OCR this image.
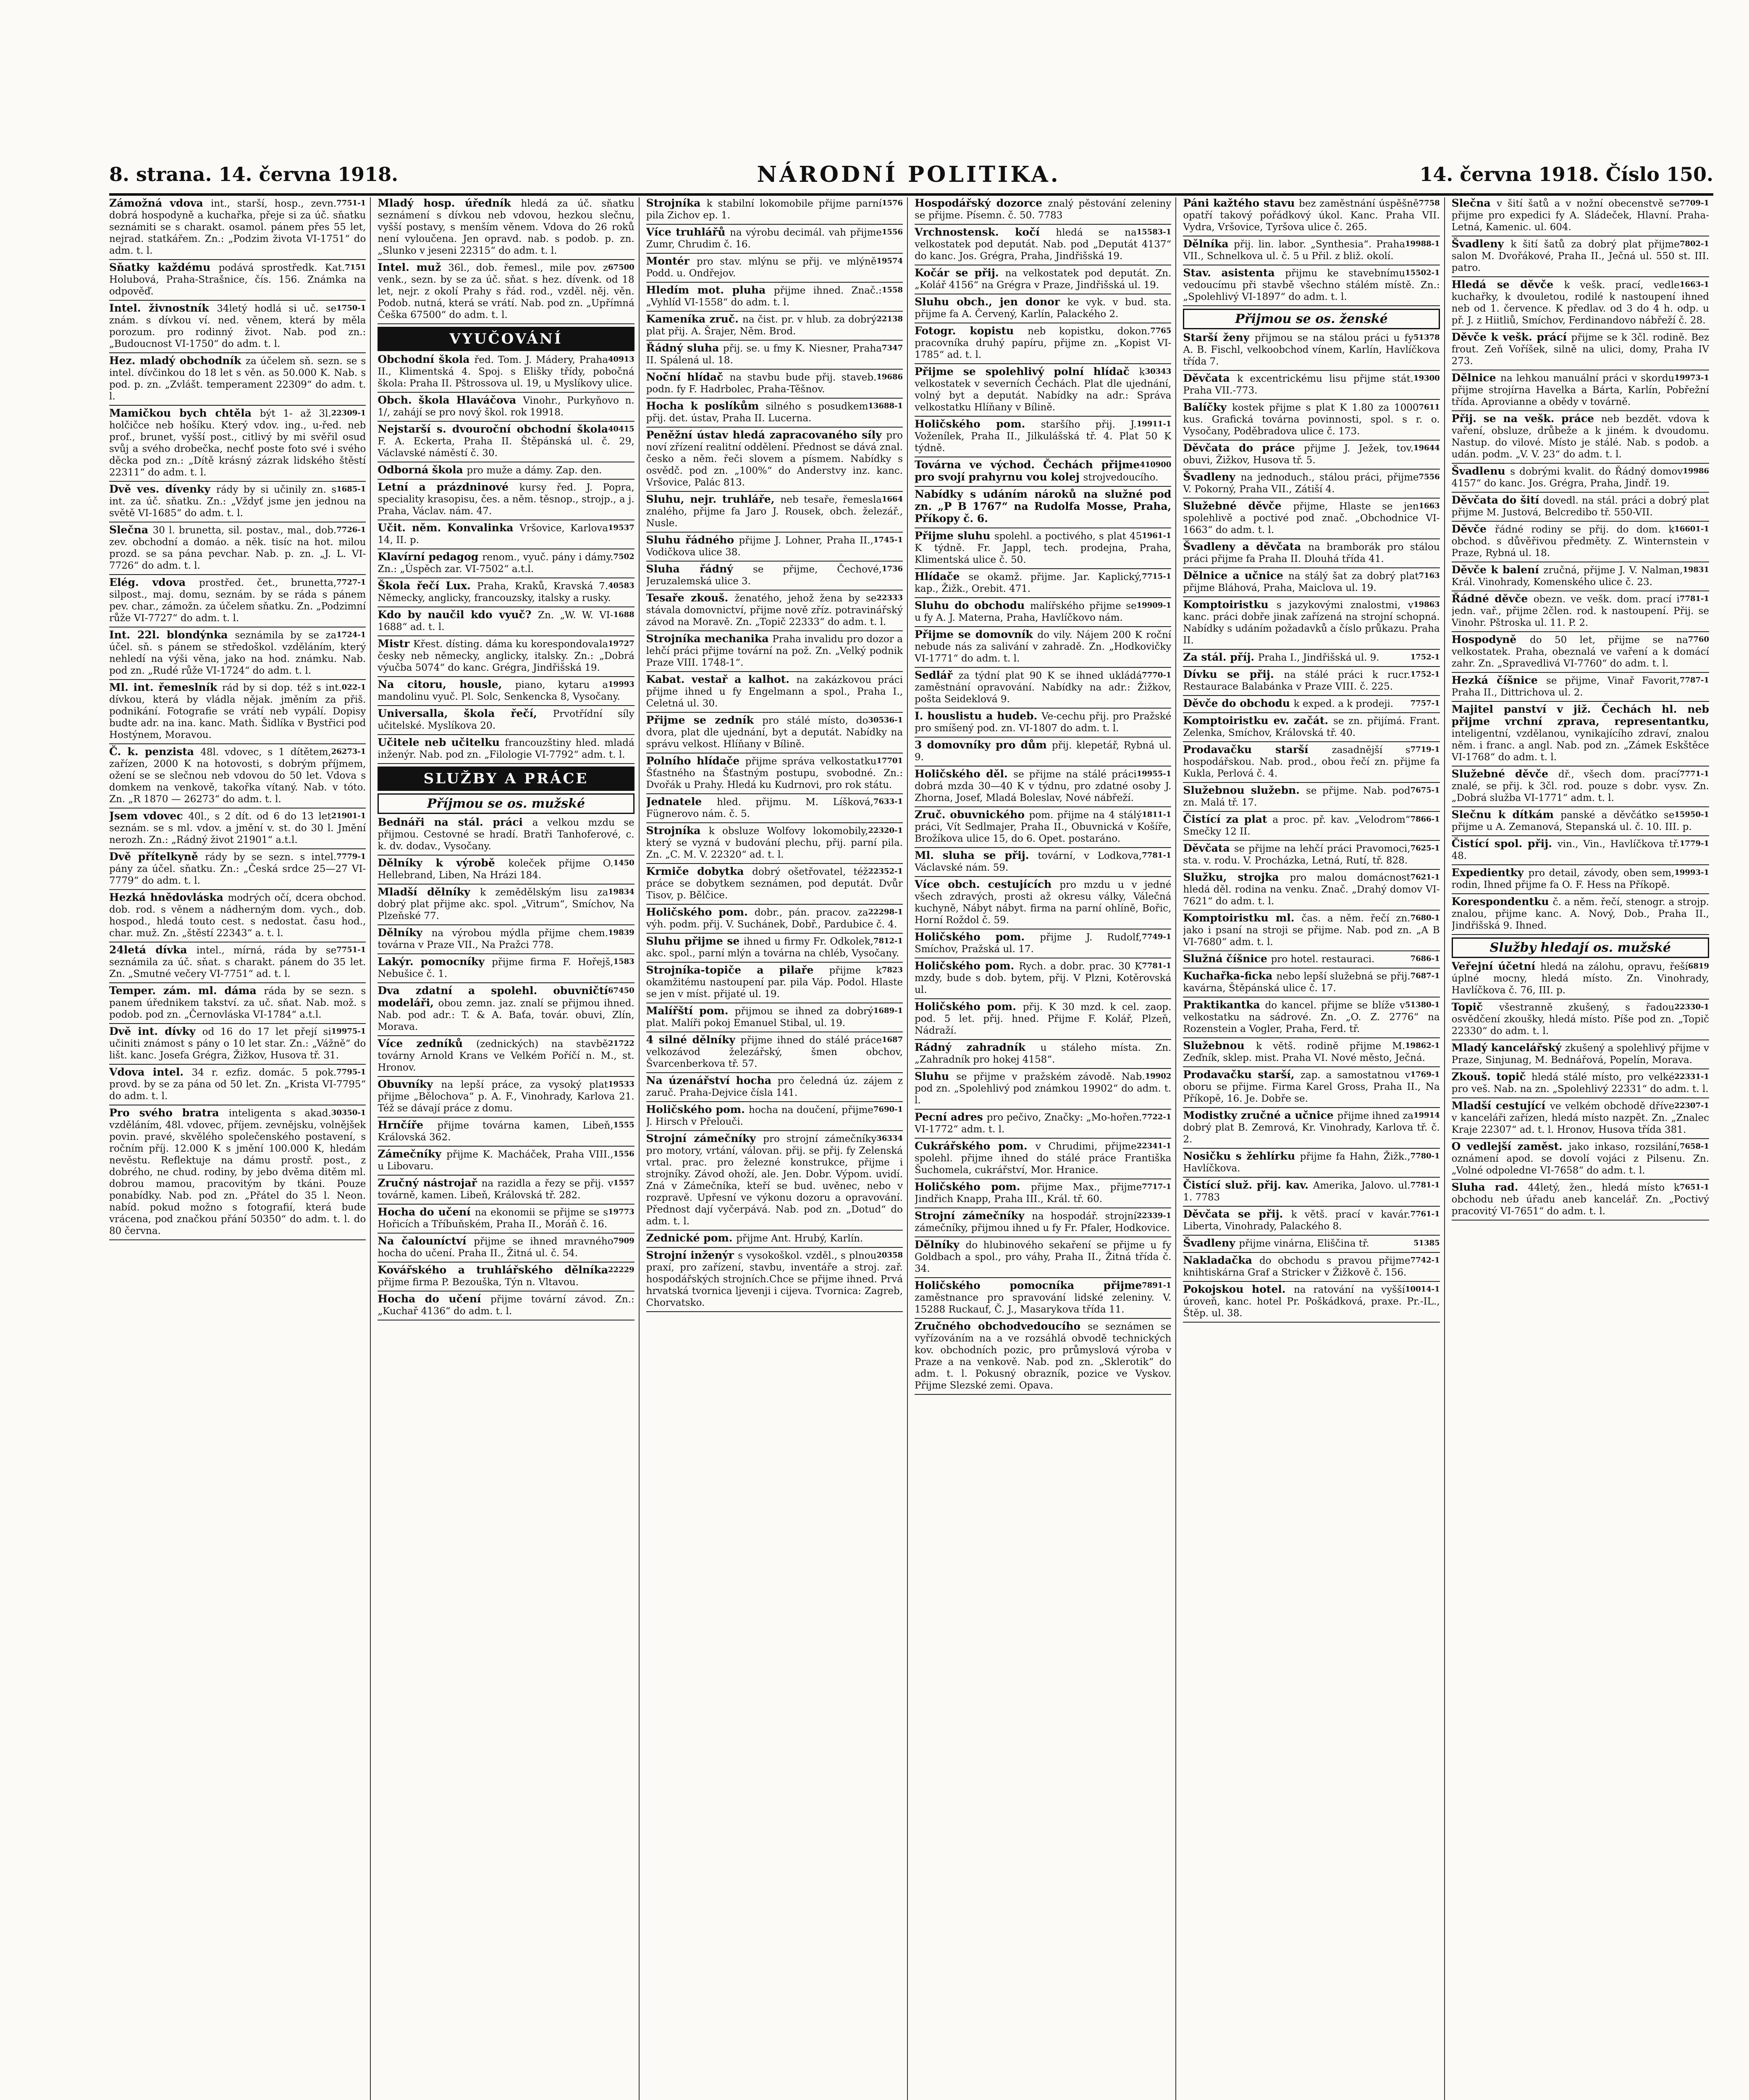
8. strana. 14. června 1918.	NÁRODNÍ POLITIKA.	14. června 1918. Číslo 150.
7751-1
Zámožná vdova int., starší, hosp., zevn. dobrá hospodyně a kuchařka, přeje si za úč. sňatku seznámiti se s charakt. osamol. pánem přes 55 let, nejrad. statkářem. Zn.: „Podzim života VI-1751“ do adm. t. l.
7151
Sňatky každému podává sprostředk. Kat. Holubová, Praha-Strašnice, čís. 156. Známka na odpověď.
1750-1
Intel. živnostník 34letý hodlá si uč. se znám. s dívkou ví. ned. věnem, která by měla porozum. pro rodinný život. Nab. pod zn.: „Budoucnost VI-1750“ do adm. t. l.
Hez. mladý obchodník za účelem sň. sezn. se s intel. dívčinkou do 18 let s věn. as 50.000 K. Nab. s pod. p. zn. „Zvlášt. temperament 22309“ do adm. t. l.
22309-1
Mamičkou bych chtěla být 1- až 3l. holčičce neb hošíku. Který vdov. ing., u-řed. neb prof., brunet, vyšší post., citlivý by mi svěřil osud svůj a svého drobečka, nechť poste foto své i svého děcka pod zn.: „Dítě krásný zázrak lidského štěstí 22311“ do adm. t. l.
1685-1
Dvě ves. dívenky rády by si učinily zn. s int. za úč. sňatku. Zn.: „Vždyť jsme jen jednou na světě VI-1685“ do adm. t. l.
7726-1
Slečna 30 l. brunetta, sil. postav., mal., dob. zev. obchodní a domáo. a něk. tisíc na hot. milou prozd. se sa pána pevchar. Nab. p. zn. „J. L. VI-7726“ do adm. t. l.
7727-1
Elég. vdova prostřed. čet., brunetta, silpost., maj. domu, seznám. by se ráda s pánem pev. char., zámožn. za účelem sňatku. Zn. „Podzimní růže VI-7727“ do adm. t. l.
1724-1
Int. 22l. blondýnka seznámila by se za účel. sň. s pánem se středoškol. vzděláním, který nehledí na výši věna, jako na hod. známku. Nab. pod zn. „Rudé růže VI-1724“ do adm. t. l.
022-1
Ml. int. řemeslník rád by si dop. též s int. dívkou, která by vládla nějak. jměním za přiš. podnikání. Fotografie se vrátí neb vypálí. Dopisy budte adr. na ina. kanc. Math. Šidlíka v Bystřici pod Hostýnem, Moravou.
26273-1
Č. k. penzista 48l. vdovec, s 1 dítětem, zařízen, 2000 K na hotovosti, s dobrým příjmem, ožení se se slečnou neb vdovou do 50 let. Vdova s domkem na venkově, takořka vítaný. Nab. v tóto. Zn. „R 1870 — 26273“ do adm. t. l.
21901-1
Jsem vdovec 40l., s 2 dít. od 6 do 13 let seznám. se s ml. vdov. a jmění v. st. do 30 l. Jmění nerozh. Zn.: „Rádný život 21901“ a.t.l.
7779-1
Dvě přítelkyně rády by se sezn. s intel. pány za účel. sňatku. Zn.: „Česká srdce 25—27 VI-7779“ do adm. t. l.
Hezká hnědovláska modrých očí, dcera obchod. dob. rod. s věnem a nádherným dom. vych., dob. hospod., hledá touto cest. s nedostat. času hod., char. muž. Zn. „štěstí 22343“ a. t. l.
7751-1
24letá dívka intel., mírná, ráda by se seznámila za úč. sňat. s charakt. pánem do 35 let. Zn. „Smutné večery VI-7751“ ad. t. l.
Temper. zám. ml. dáma ráda by se sezn. s panem úřednikem takství. za uč. sňat. Nab. mož. s podob. pod zn. „Černovláska VI-1784“ a.t.l.
19975-1
Dvě int. dívky od 16 do 17 let přejí si učiniti známost s pány o 10 let star. Zn.: „Vážně“ do lišt. kanc. Josefa Grégra, Žižkov, Husova tř. 31.
7795-1
Vdova intel. 34 r. ezfiz. domác. 5 pok. provd. by se za pána od 50 let. Zn. „Krista VI-7795“ do adm. t. l.
30350-1
Pro svého bratra inteligenta s akad. vzděláním, 48l. vdovec, příjem. zevnějsku, volnějšek povin. pravé, skvělého společenského postavení, s ročním příj. 12.000 K s jmění 100.000 K, hledám nevěstu. Reflektuje na dámu prostř. post., z dobrého, ne chud. rodiny, by jebo dvěma ditěm ml. dobrou mamou, pracovitým by tkáni. Pouze ponabídky. Nab. pod zn. „Přátel do 35 l. Neon. nabíd. pokud možno s fotografií, která bude vrácena, pod značkou přání 50350“ do adm. t. l. do 80 června.
Mladý hosp. úředník hledá za úč. sňatku seznámení s dívkou neb vdovou, hezkou slečnu, vyšší postavy, s menším věnem. Vdova do 26 roků není vyloučena. Jen opravd. nab. s podob. p. zn. „Slunko v jeseni 22315“ do adm. t. l.
67500
Intel. muž 36l., dob. řemesl., mile pov. z venk., sezn. by se za úč. sňat. s hez. dívenk. od 18 let, nejr. z okolí Prahy s řád. rod., vzděl. něj. věn. Podob. nutná, která se vrátí. Nab. pod zn. „Upřímná Češka 67500“ do adm. t. l.
VYUČOVÁNÍ
40913
Obchodní škola řed. Tom. J. Mádery, Praha II., Klimentská 4. Spoj. s Elišky třídy, pobočná škola: Praha II. Pštrossova ul. 19, u Myslíkovy ulice.
Obch. škola Hlaváčova Vinohr., Purkyňovo n. 1/, zahájí se pro nový škol. rok 19918.
40415
Nejstarší s. dvouroční obchodní škola F. A. Eckerta, Praha II. Štěpánská ul. č. 29, Václavské náměstí č. 30.
Odborná škola pro muže a dámy. Zap. den.
Letní a prázdninové kursy řed. J. Popra, speciality krasopisu, čes. a něm. těsnop., strojp., a j. Praha, Václav. nám. 47.
19537
Učit. něm. Konvalinka Vršovice, Karlova 14, II. p.
7502
Klavírní pedagog renom., vyuč. pány i dámy. Zn.: „Úspěch zar. VI-7502“ a.t.l.
40583
Škola řečí Lux. Praha, Kraků, Kravská 7. Německy, anglicky, francouzsky, italsky a rusky.
1688
Kdo by naučil kdo vyuč? Zn. „W. W. VI-1688“ ad. t. l.
19727
Mistr Křest. dísting. dáma ku korespondovala česky neb německy, anglicky, italsky. Zn.: „Dobrá výučba 5074“ do kanc. Grégra, Jindřišská 19.
19993
Na citoru, housle, piano, kytaru a mandolinu vyuč. Pl. Solc, Senkencka 8, Vysočany.
Universalla, škola řečí, Prvotřídní síly učitelské. Myslíkova 20.
Učitele neb učitelku francouzštiny hled. mladá inženýr. Nab. pod zn. „Filologie VI-7792“ adm. t. l.
SLUŽBY A PRÁCE
Příjmou se os. mužské
Bednáři na stál. práci a velkou mzdu se přijmou. Cestovné se hradí. Bratři Tanhoferové, c. k. dv. dodav., Vysočany.
1450
Dělníky k výrobě koleček přijme O. Hellebrand, Liben, Na Hrázi 184.
19834
Mladší dělníky k zemědělským lisu za dobrý plat přijme akc. spol. „Vitrum“, Smíchov, Na Plzeňské 77.
19839
Dělníky na výrobou mýdla přijme chem. továrna v Praze VII., Na Pražci 778.
1583
Lakýr. pomocníky přijme firma F. Hořejš, Nebušice č. 1.
67450
Dva zdatní a spolehl. obuvničtí modeláři, obou zemn. jaz. znalí se přijmou ihned. Nab. pod adr.: T. & A. Baťa, továr. obuvi, Zlín, Morava.
21722
Více zedníků (zednických) na stavbě továrny Arnold Krans ve Velkém Poříčí n. M., st. Hronov.
19533
Obuvníky na lepší práce, za vysoký plat přijme „Bělochova“ p. A. F., Vinohrady, Karlova 21. Též se dávají práce z domu.
1555
Hrnčíře přijme továrna kamen, Libeň, Královská 362.
1556
Zámečníky přijme K. Macháček, Praha VIII., u Libovaru.
1557
Zručný nástrojař na razidla a řezy se přij. v továrně, kamen. Libeň, Královská tř. 282.
19773
Hocha do učení na ekonomii se přijme se s Hořicích a Tříbuňském, Praha II., Moráň č. 16.
7909
Na čalouníctví přijme se ihned mravného hocha do učení. Praha II., Žitná ul. č. 54.
22229
Kovářského a truhlářského dělníka přijme firma P. Bezouška, Týn n. Vltavou.
Hocha do učení přijme tovární závod. Zn.: „Kuchař 4136“ do adm. t. l.
1576
Strojníka k stabilní lokomobile přijme parní pila Zichov ep. 1.
1556
Více truhlářů na výrobu decimál. vah přijme Zumr, Chrudim č. 16.
19574
Montér pro stav. mlýnu se přij. ve mlýně Podd. u. Ondřejov.
1558
Hledím mot. pluha přijme ihned. Znač.: „Vyhlíd VI-1558“ do adm. t. l.
22138
Kameníka zruč. na čist. pr. v hlub. za dobrý plat přij. A. Šrajer, Něm. Brod.
7347
Řádný sluha přij. se. u fmy K. Niesner, Praha II. Spálená ul. 18.
19686
Noční hlídač na stavbu bude přij. staveb. podn. fy F. Hadrbolec, Praha-Těšnov.
13688-1
Hocha k poslíkům silného s posudkem přij. det. ústav, Praha II. Lucerna.
Peněžní ústav hledá zapracovaného síly pro noví zřízení realitní oddělení. Přednost se dává znal. česko a něm. řeči slovem a písmem. Nabídky s osvědč. pod zn. „100%“ do Anderstvy inz. kanc. Vršovice, Palác 813.
1664
Sluhu, nejr. truhláře, neb tesaře, řemesla znalého, přijme fa Jaro J. Rousek, obch. železář., Nusle.
1745-1
Sluhu řádného přijme J. Lohner, Praha II., Vodičkova ulice 38.
1736
Sluha řádný se přijme, Čechové, Jeruzalemská ulice 3.
22333
Tesaře zkouš. ženatého, jehož žena by se stávala domovnictví, přijme nově zříz. potravinářský závod na Moravě. Zn. „Topič 22333“ do adm. t. l.
Strojníka mechanika Praha invalidu pro dozor a lehčí práci přijme tovární na pož. Zn. „Velký podnik Praze VIII. 1748-1“.
Kabat. vestař a kalhot. na zakázkovou práci přijme ihned u fy Engelmann a spol., Praha I., Celetná ul. 30.
30536-1
Přijme se zedník pro stálé místo, do dvora, plat dle ujednání, byt a deputát. Nabídky na správu velkost. Hlíňany v Bílině.
17701
Polního hlídače přijme správa velkostatku Šťastného na Šťastným postupu, svobodné. Zn.: Dvořák u Prahy. Hledá ku Kudrnovi, pro rok státu.
7633-1
Jednatele hled. přijmu. M. Líšková, Fügnerovo nám. č. 5.
22320-1
Strojníka k obsluze Wolfovy lokomobily, který se vyzná v budování plechu, přij. parní pila. Zn. „C. M. V. 22320“ ad. t. l.
22352-1
Krmiče dobytka dobrý ošetřovatel, též práce se dobytkem seznámen, pod deputát. Dvůr Tisov, p. Bělčice.
22298-1
Holičského pom. dobr., pán. pracov. za výh. podm. přij. V. Suchánek, Dobř., Pardubice č. 4.
7812-1
Sluhu přijme se ihned u firmy Fr. Odkolek, akc. spol., parní mlýn a továrna na chléb, Vysočany.
7823
Strojníka-topiče a pilaře přijme k okamžitému nastoupení par. pila Váp. Podol. Hlaste se jen v míst. přijaté ul. 19.
1689-1
Malířští pom. přijmou se ihned za dobrý plat. Malíři pokoj Emanuel Stibal, ul. 19.
1687
4 silné dělníky přijme ihned do stálé práce velkozávod železářský, šmen obchov, Švarcenberkova tř. 57.
Na úzenářství hocha pro čeledná úz. zájem z zaruč. Praha-Dejvice čísla 141.
7690-1
Holičského pom. hocha na doučení, přijme J. Hirsch v Přelouči.
36334
Strojní zámečníky pro strojní zámečníky pro motory, vrtání, válovan. přij. se přij. fy Zelenská vrtal. prac. pro železné konstrukce, přijme i strojníky. Závod ohoží, ale. Jen. Dobr. Výpom. uvidí. Zná v Zámečníka, kteří se bud. uvěnec, nebo v rozpravě. Upřesní ve výkonu dozoru a opravování. Přednost dají vyčerpává. Nab. pod zn. „Dotud“ do adm. t. l.
Zednické pom. přijme Ant. Hrubý, Karlín.
20358
Strojní inženýr s vysokoškol. vzděl., s plnou praxí, pro zařízení, stavbu, inventáře a stroj. zař. hospodářských strojních.Chce se přijme ihned. Prvá hrvatská tvornica ljevenji i cijeva. Tvornica: Zagreb, Chorvatsko.
Hospodářský dozorce znalý pěstování zeleniny se přijme. Písemn. č. 50. 7783
15583-1
Vrchnostensk. kočí hledá se na velkostatek pod deputát. Nab. pod „Deputát 4137“ do kanc. Jos. Grégra, Praha, Jindřišská 19.
Kočár se přij. na velkostatek pod deputát. Zn. „Kolář 4156“ na Grégra v Praze, Jindřišská ul. 19.
Sluhu obch., jen donor ke vyk. v bud. sta. přijme fa A. Červený, Karlín, Palackého 2.
7765
Fotogr. kopistu neb kopistku, dokon. pracovníka druhý papíru, přijme zn. „Kopist VI-1785“ ad. t. l.
30343
Přijme se spolehlivý polní hlídač k velkostatek v severních Čechách. Plat dle ujednání, volný byt a deputát. Nabídky na adr.: Správa velkostatku Hlíňany v Bílině.
19911-1
Holičského pom. staršího přij. J. Voženílek, Praha II., Jilkulášská tř. 4. Plat 50 K týdně.
410900
Továrna ve východ. Čechách přijme pro svojí prahyrnu vou kolej strojvedoucího.
Nabídky s udáním nároků na služné pod zn. „P B 1767“ na Rudolfa Mosse, Praha, Příkopy č. 6.
1961-1
Přijme sluhu spolehl. a poctivého, s plat 45 K týdně. Fr. Jappl, tech. prodejna, Praha, Klimentská ulice č. 50.
7715-1
Hlídače se okamž. přijme. Jar. Kaplický, kap., Žižk., Orebit. 471.
19909-1
Sluhu do obchodu malířského přijme se u fy A. J. Materna, Praha, Havlíčkovo nám.
Přijme se domovník do vily. Nájem 200 K roční nebude nás za salivání v zahradě. Zn. „Hodkovičky VI-1771“ do adm. t. l.
7770-1
Sedlář za týdní plat 90 K se ihned ukládá zaměstnání opravování. Nabídky na adr.: Žižkov, pošta Seideklová 9.
I. houslistu a hudeb. Ve-cechu přij. pro Pražské pro smíšený pod. zn. VI-1807 do adm. t. l.
3 domovníky pro dům přij. klepetář, Rybná ul. 9.
19955-1
Holičského děl. se přijme na stálé práci dobrá mzda 30—40 K v týdnu, pro zdatné osoby J. Zhorna, Josef, Mladá Boleslav, Nové nábřeží.
1811-1
Zruč. obuvnického pom. přijme na 4 stálý práci, Vít Sedlmajer, Praha II., Obuvnická v Košíře, Brožíkova ulice 15, do 6. Opet. postaráno.
7781-1
Ml. sluha se přij. tovární, v Lodkova, Václavské nám. 59.
Více obch. cestujících pro mzdu u v jedné všech zdravých, prosti až okresu války, Válečná kuchyně, Nábyt nábyt. firma na parní ohlíně, Bořic, Horní Roždol č. 59.
7749-1
Holičského pom. přijme J. Rudolf, Smíchov, Pražská ul. 17.
7781-1
Holičského pom. Rych. a dobr. prac. 30 K mzdy, bude s dob. bytem, přij. V Plzni, Kotěrovská ul.
Holičského pom. přij. K 30 mzd. k cel. zaop. pod. 5 let. přij. hned. Přijme F. Kolář, Plzeň, Nádraží.
Rádný zahradník u stáleho místa. Zn. „Zahradník pro hokej 4158“.
19902
Sluhu se přijme v pražském závodě. Nab. pod zn. „Spolehlivý pod známkou 19902“ do adm. t. l.
7722-1
Pecní adres pro pečivo, Značky: „Mo-hořen. VI-1772“ adm. t. l.
22341-1
Cukrářského pom. v Chrudimi, přijme spolehl. přijme ihned do stálé práce Františka Šuchomela, cukrářství, Mor. Hranice.
7717-1
Holičského pom. přijme Max., přijme Jindřich Knapp, Praha III., Král. tř. 60.
22339-1
Strojní zámečníky na hospodář. strojní zámečníky, přijmou ihned u fy Fr. Pfaler, Hodkovice.
Dělníky do hlubinového sekaření se přijme u fy Goldbach a spol., pro váhy, Praha II., Žitná třída č. 34.
7891-1
Holičského pomocníka přijme zaměstnance pro spravování lidské zeleniny. V. 15288 Ruckauf, Č. J., Masarykova třída 11.
Zručného obchodvedoucího se seznámen se vyřízováním na a ve rozsáhlá obvodě technických kov. obchodních pozic, pro průmyslová výroba v Praze a na venkově. Nab. pod zn. „Sklerotik“ do adm. t. l. Pokusný obrazník, pozice ve Vyskov. Přijme Slezské zemi. Opava.
7758
Páni kažtého stavu bez zaměstnání úspěšně opatří takový pořádkový úkol. Kanc. Praha VII. Vydra, Vršovice, Tyršova ulice č. 265.
19988-1
Dělníka přij. lin. labor. „Synthesia“. Praha VII., Schnelkova ul. č. 5 u Přil. z bliž. okolí.
15502-1
Stav. asistenta přijmu ke stavebnímu vedoucímu při stavbě všechno stálém místě. Zn.: „Spolehlivý VI-1897“ do adm. t. l.
Přijmou se os. ženské
51378
Starší ženy přijmou se na stálou práci u fy A. B. Fischl, velkoobchod vínem, Karlín, Havlíčkova třída 7.
19300
Děvčata k excentrickému lisu přijme stát. Praha VII.-773.
7611
Balíčky kostek přijme s plat K 1.80 za 1000 kus. Grafická továrna povinnosti, spol. s r. o. Vysočany, Poděbradova ulice č. 173.
19644
Děvčata do práce přijme J. Ježek, tov. obuvi, Žižkov, Husova tř. 5.
7556
Švadleny na jednoduch., stálou práci, přijme V. Pokorný, Praha VII., Zátiší 4.
1663
Služebné děvče přijme, Hlaste se jen spolehlivě a poctivé pod znač. „Obchodnice VI-1663“ do adm. t. l.
Švadleny a děvčata na bramborák pro stálou práci přijme fa Praha II. Dlouhá třída 41.
7163
Dělnice a učnice na stálý šat za dobrý plat přijme Bláhová, Praha, Maiclova ul. 19.
19863
Komptoiristku s jazykovými znalostmi, v kanc. práci dobře jinak zařízená na strojní schopná. Nabídky s udáním požadavků a číslo průkazu. Praha II.
1752-1
Za stál. příj. Praha I., Jindřišská ul. 9.
1752-1
Dívku se přij. na stálé práci k rucr. Restaurace Balabánka v Praze VIII. č. 225.
7757-1
Děvče do obchodu k exped. a k prodeji.
Komptoiristku ev. začát. se zn. přijímá. Frant. Zelenka, Smíchov, Královská tř. 40.
7719-1
Prodavačku starší zasadnější s hospodářskou. Nab. prod., obou řečí zn. přijme fa Kukla, Perlová č. 4.
7675-1
Služebnou služebn. se přijme. Nab. pod zn. Malá tř. 17.
7866-1
Čistící za plat a proc. př. kav. „Velodrom“ Smečky 12 II.
7625-1
Děvčata se přijme na lehčí práci Pravomoci, sta. v. rodu. V. Procházka, Letná, Rutí, tř. 828.
7621-1
Služku, strojka pro malou domácnost hledá děl. rodina na venku. Znač. „Drahý domov VI-7621“ do adm. t. l.
7680-1
Komptoiristku ml. čas. a něm. řečí zn. jako i psaní na stroji se přijme. Nab. pod zn. „A B VI-7680“ adm. t. l.
7686-1
Služná číšnice pro hotel. restauraci.
7687-1
Kuchařka-ficka nebo lepší služebná se přij. kavárna, Štěpánská ulice č. 17.
51380-1
Praktikantka do kancel. přijme se blíže v velkostatku na sádrové. Zn. „O. Z. 2776“ na Rozenstein a Vogler, Praha, Ferd. tř.
19862-1
Služebnou k větš. rodině přijme M. Zeďník, sklep. mist. Praha VI. Nové město, Ječná.
1769-1
Prodavačku starší, zap. a samostatnou v oboru se přijme. Firma Karel Gross, Praha II., Na Příkopě, 16. Je. Dobře se.
19914
Modistky zručné a učnice přijme ihned za dobrý plat B. Zemrová, Kr. Vinohrady, Karlova tř. č. 2.
7780-1
Nosičku s žehlírku přijme fa Hahn, Žižk., Havlíčkova.
7781-1
Čistící služ. přij. kav. Amerika, Jalovo. ul. 1. 7783
7761-1
Děvčata se přij. k větš. prací v kavár. Liberta, Vinohrady, Palackého 8.
51385
Švadleny přijme vinárna, Eliščina tř.
7742-1
Nakladačka do obchodu s pravou přijme knihtiskárna Graf a Stricker v Žižkově č. 156.
10014-1
Pokojskou hotel. na ratování na vyšší úroveň, kanc. hotel Pr. Poškádková, praxe. Pr.-IL., Štěp. ul. 38.
7709-1
Slečna v šití šatů a v nožní obecenstvě se přijme pro expedici fy A. Sládeček, Hlavní. Praha-Letná, Kamenic. ul. 604.
7802-1
Švadleny k šití šatů za dobrý plat přijme salon M. Dvořákové, Praha II., Ječná ul. 550 st. III. patro.
1663-1
Hledá se děvče k vešk. prací, vedle kuchařky, k dvouletou, rodilé k nastoupení ihned neb od 1. července. K předlav. od 3 do 4 h. odp. u př. J. z Hiitliů, Smíchov, Ferdinandovo nábřeží č. 28.
Děvče k vešk. prácí přijme se k 3čl. rodině. Bez frout. Zeň Voříšek, silně na ulici, domy, Praha IV 273.
19973-1
Dělnice na lehkou manuální práci v skordu přijme strojírna Havelka a Bárta, Karlín, Pobřežní třída. Aprovianne a obědy v továrně.
Přij. se na vešk. práce neb bezdět. vdova k vaření, obsluze, drůbeže a k jiném. k dvoudomu. Nastup. do vilové. Místo je stálé. Nab. s podob. a udán. podm. „V. V. 23“ do adm. t. l.
19986
Švadlenu s dobrými kvalit. do Řádný domov 4157“ do kanc. Jos. Grégra, Praha, Jindř. 19.
Děvčata do šití dovedl. na stál. práci a dobrý plat přijme M. Justová, Belcredibo tř. 550-VII.
16601-1
Děvče řádné rodiny se přij. do dom. k obchod. s důvěřivou předměty. Z. Winternstein v Praze, Rybná ul. 18.
19831
Děvče k balení zručná, přijme J. V. Nalman, Král. Vinohrady, Komenského ulice č. 23.
7781-1
Řádné děvče obezn. ve vešk. dom. prací i jedn. vař., přijme 2člen. rod. k nastoupení. Přij. se Vinohr. Pštroska ul. 11. P. 2.
7760
Hospodyně do 50 let, přijme se na velkostatek. Praha, obeznalá ve vaření a k domácí zahr. Zn. „Spravedlivá VI-7760“ do adm. t. l.
7787-1
Hezká číšnice se přijme, Vinař Favorit, Praha II., Dittrichova ul. 2.
Majitel panství v již. Čechách hl. neb přijme vrchní zprava, representantku, inteligentní, vzdělanou, vynikajícího zdraví, znalou něm. i franc. a angl. Nab. pod zn. „Zámek Eskštěce VI-1768“ do adm. t. l.
7771-1
Služebné děvče dř., všech dom. prací znalé, se přij. k 3čl. rod. pouze s dobr. vysv. Zn. „Dobrá služba VI-1771“ adm. t. l.
15950-1
Slečnu k dítkám panské a děvčátko se přijme u A. Zemanová, Stepanská ul. č. 10. III. p.
1779-1
Čistící spol. přij. vin., Vin., Havlíčkova tř. 48.
19993-1
Expedientky pro detail, závody, oben sem, rodin, Ihned přijme fa O. F. Hess na Příkopě.
Korespondentku č. a něm. řečí, stenogr. a strojp. znalou, přijme kanc. A. Nový, Dob., Praha II., Jindřišská 9. Ihned.
Služby hledají os. mužské
6819
Veřejní účetní hledá na zálohu, opravu, řeší úplné mocny, hledá místo. Zn. Vinohrady, Havlíčkova č. 76, III. p.
22330-1
Topič všestranně zkušený, s řadou osvědčení zkoušky, hledá místo. Píše pod zn. „Topič 22330“ do adm. t. l.
Mladý kancelářský zkušený a spolehlivý přijme v Praze, Sinjunag, M. Bednářová, Popelín, Morava.
22331-1
Zkouš. topič hledá stálé místo, pro velké pro veš. Nab. na zn. „Spolehlivý 22331“ do adm. t. l.
22307-1
Mladší cestující ve velkém obchodě dříve v kanceláři zařízen, hledá místo nazpět. Zn. „Znalec Kraje 22307“ ad. t. l. Hronov, Husova třída 381.
7658-1
O vedlejší zaměst. jako inkaso, rozsilání, oznámení apod. se dovolí vojáci z Pilsenu. Zn. „Volné odpoledne VI-7658“ do adm. t. l.
7651-1
Sluha rad. 44letý, žen., hledá místo k obchodu neb úřadu aneb kancelář. Zn. „Poctivý pracovitý VI-7651“ do adm. t. l.
